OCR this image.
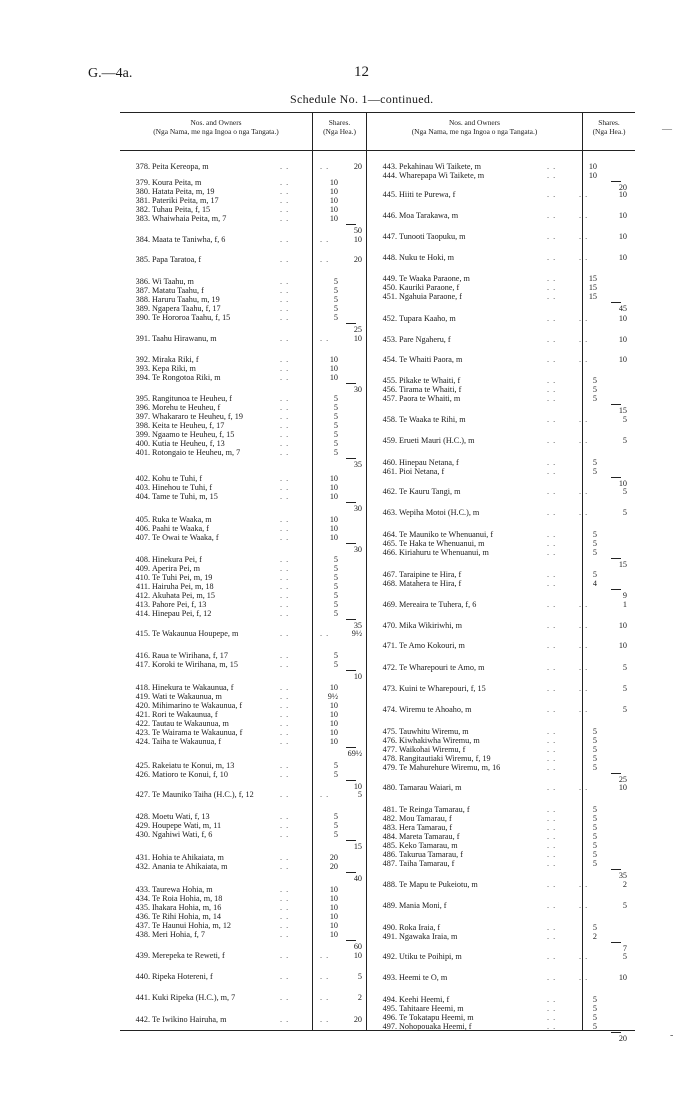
G.—4a.	12
Schedule No. 1—continued.
Nos. and Owners
(Nga Nama, me nga Ingoa o nga Tangata.)
Shares.
(Nga Hea.)
Nos. and Owners
(Nga Nama, me nga Ingoa o nga Tangata.)
Shares.
(Nga Hea.)
378. Peita Kereopa, m	. .	. .	20
379. Koura Peita, m	. .	10
380. Hatata Peita, m, 19	. .	10
381. Pateriki Peita, m, 17	. .	10
382. Tuhau Peita, f, 15	. .	10
383. Whaiwhaia Peita, m, 7	. .	10
50
384. Maata te Taniwha, f, 6	. .	. .	10
385. Papa Taratoa, f	. .	. .	20
386. Wi Taahu, m	. .	5
387. Matatu Taahu, f	. .	5
388. Haruru Taahu, m, 19	. .	5
389. Ngapera Taahu, f, 17	. .	5
390. Te Hororoa Taahu, f, 15	. .	5
25
391. Taahu Hirawanu, m	. .	. .	10
392. Miraka Riki, f	. .	10
393. Kepa Riki, m	. .	10
394. Te Rongotoa Riki, m	. .	10
30
395. Rangitunoa te Heuheu, f	. .	5
396. Morehu te Heuheu, f	. .	5
397. Whakararo te Heuheu, f, 19	. .	5
398. Keita te Heuheu, f, 17	. .	5
399. Ngaamo te Heuheu, f, 15	. .	5
400. Kutia te Heuheu, f, 13	. .	5
401. Rotongaio te Heuheu, m, 7	. .	5
35
402. Kohu te Tuhi, f	. .	10
403. Hinehou te Tuhi, f	. .	10
404. Tame te Tuhi, m, 15	. .	10
30
405. Ruka te Waaka, m	. .	10
406. Paahi te Waaka, f	. .	10
407. Te Owai te Waaka, f	. .	10
30
408. Hinekura Pei, f	. .	5
409. Aperira Pei, m	. .	5
410. Te Tuhi Pei, m, 19	. .	5
411. Hairuha Pei, m, 18	. .	5
412. Akuhata Pei, m, 15	. .	5
413. Pahore Pei, f, 13	. .	5
414. Hinepau Pei, f, 12	. .	5
35
415. Te Wakaunua Houpepe, m	. .	. .	9½
416. Raua te Wirihana, f, 17	. .	5
417. Koroki te Wirihana, m, 15	. .	5
10
418. Hinekura te Wakaunua, f	. .	10
419. Wati te Wakaunua, m	. .	9½
420. Mihimarino te Wakaunua, f	. .	10
421. Rori te Wakaunua, f	. .	10
422. Tautau te Wakaunua, m	. .	10
423. Te Wairama te Wakaunua, f	. .	10
424. Taiha te Wakaunua, f	. .	10
69½
425. Rakeiatu te Konui, m, 13	. .	5
426. Matioro te Konui, f, 10	. .	5
10
427. Te Mauniko Taiha (H.C.), f, 12	. .	. .	5
428. Moetu Wati, f, 13	. .	5
429. Houpepe Wati, m, 11	. .	5
430. Ngahiwi Wati, f, 6	. .	5
15
431. Hohia te Ahikaiata, m	. .	20
432. Anania te Ahikaiata, m	. .	20
40
433. Taurewa Hohia, m	. .	10
434. Te Roia Hohia, m, 18	. .	10
435. Ihakara Hohia, m, 16	. .	10
436. Te Rihi Hohia, m, 14	. .	10
437. Te Haunui Hohia, m, 12	. .	10
438. Meri Hohia, f, 7	. .	10
60
439. Merepeka te Reweti, f	. .	. .	10
440. Ripeka Hotereni, f	. .	. .	5
441. Kuki Ripeka (H.C.), m, 7	. .	. .	2
442. Te Iwikino Hairuha, m	. .	. .	20
443. Pekahinau Wi Taikete, m	. .	10
444. Wharepapa Wi Taikete, m	. .	10
20
445. Hiiti te Purewa, f	. .	. .	10
446. Moa Tarakawa, m	. .	. .	10
447. Tunooti Taopuku, m	. .	. .	10
448. Nuku te Hoki, m	. .	. .	10
449. Te Waaka Paraone, m	. .	15
450. Kauriki Paraone, f	. .	15
451. Ngahuia Paraone, f	. .	15
45
452. Tupara Kaaho, m	. .	. .	10
453. Pare Ngaheru, f	. .	. .	10
454. Te Whaiti Paora, m	. .	. .	10
455. Pikake te Whaiti, f	. .	5
456. Tirama te Whaiti, f	. .	5
457. Paora te Whaiti, m	. .	5
15
458. Te Waaka te Rihi, m	. .	. .	5
459. Erueti Mauri (H.C.), m	. .	. .	5
460. Hinepau Netana, f	. .	5
461. Pioi Netana, f	. .	5
10
462. Te Kauru Tangi, m	. .	. .	5
463. Wepiha Motoi (H.C.), m	. .	. .	5
464. Te Mauniko te Whenuanui, f	. .	5
465. Te Haka te Whenuanui, m	. .	5
466. Kiriahuru te Whenuanui, m	. .	5
15
467. Taraipine te Hira, f	. .	5
468. Matahera te Hira, f	. .	4
9
469. Mereaira te Tuhera, f, 6	. .	. .	1
470. Mika Wikiriwhi, m	. .	. .	10
471. Te Amo Kokouri, m	. .	. .	10
472. Te Wharepouri te Amo, m	. .	. .	5
473. Kuini te Wharepouri, f, 15	. .	. .	5
474. Wiremu te Ahoaho, m	. .	. .	5
475. Tauwhitu Wiremu, m	. .	5
476. Kiwhakiwha Wiremu, m	. .	5
477. Waikohai Wiremu, f	. .	5
478. Rangitautiaki Wiremu, f, 19	. .	5
479. Te Mahurehure Wiremu, m, 16	. .	5
25
480. Tamarau Waiari, m	. .	. .	10
481. Te Reinga Tamarau, f	. .	5
482. Mou Tamarau, f	. .	5
483. Hera Tamarau, f	. .	5
484. Mareta Tamarau, f	. .	5
485. Keko Tamarau, m	. .	5
486. Takurua Tamarau, f	. .	5
487. Taiha Tamarau, f	. .	5
35
488. Te Mapu te Pukeiotu, m	. .	. .	2
489. Mania Moni, f	. .	. .	5
490. Roka Iraia, f	. .	5
491. Ngawaka Iraia, m	. .	2
7
492. Utiku te Poihipi, m	. .	. .	5
493. Heemi te O, m	. .	. .	10
494. Keehi Heemi, f	. .	5
495. Tahitaare Heemi, m	. .	5
496. Te Tokatapu Heemi, m	. .	5
497. Nohopouaka Heemi, f	. .	5
20
—
-
